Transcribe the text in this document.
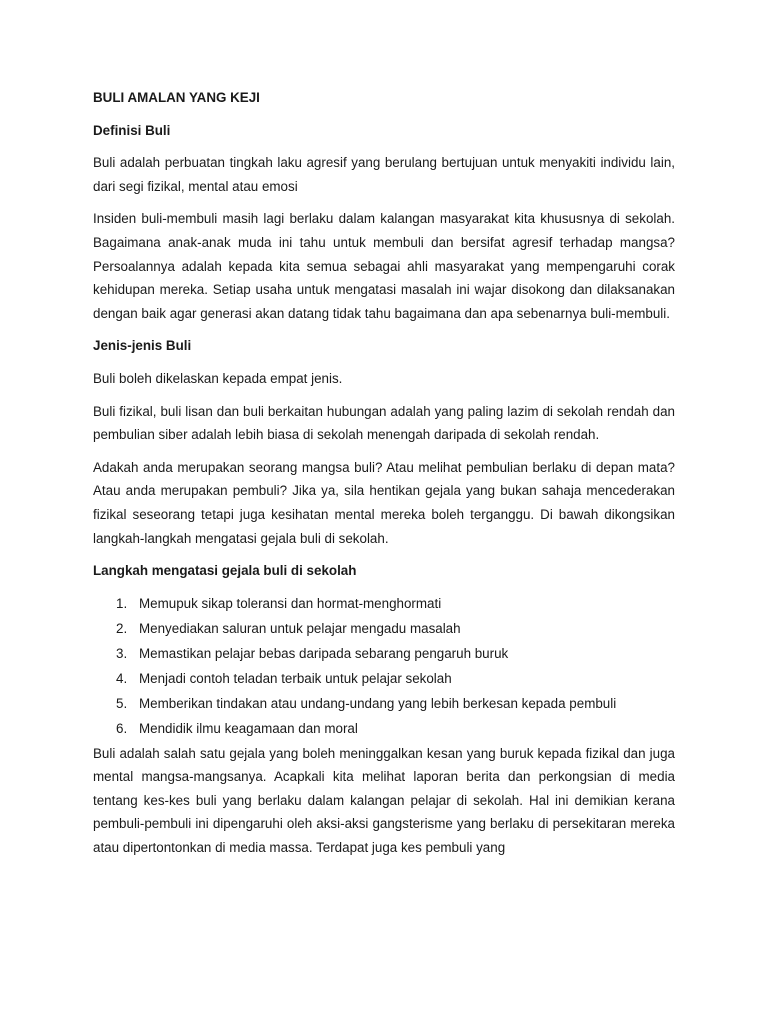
BULI AMALAN YANG KEJI

Definisi Buli

Buli adalah perbuatan tingkah laku agresif yang berulang bertujuan untuk menyakiti individu lain, dari segi fizikal, mental atau emosi

Insiden buli-membuli masih lagi berlaku dalam kalangan masyarakat kita khususnya di sekolah. Bagaimana anak-anak muda ini tahu untuk membuli dan bersifat agresif terhadap mangsa? Persoalannya adalah kepada kita semua sebagai ahli masyarakat yang mempengaruhi corak kehidupan mereka. Setiap usaha untuk mengatasi masalah ini wajar disokong dan dilaksanakan dengan baik agar generasi akan datang tidak tahu bagaimana dan apa sebenarnya buli-membuli.

Jenis-jenis Buli

Buli boleh dikelaskan kepada empat jenis.

Buli fizikal, buli lisan dan buli berkaitan hubungan adalah yang paling lazim di sekolah rendah dan pembulian siber adalah lebih biasa di sekolah menengah daripada di sekolah rendah.

Adakah anda merupakan seorang mangsa buli? Atau melihat pembulian berlaku di depan mata? Atau anda merupakan pembuli? Jika ya, sila hentikan gejala yang bukan sahaja mencederakan fizikal seseorang tetapi juga kesihatan mental mereka boleh terganggu. Di bawah dikongsikan langkah-langkah mengatasi gejala buli di sekolah.

Langkah mengatasi gejala buli di sekolah

1. Memupuk sikap toleransi dan hormat-menghormati
2. Menyediakan saluran untuk pelajar mengadu masalah
3. Memastikan pelajar bebas daripada sebarang pengaruh buruk
4. Menjadi contoh teladan terbaik untuk pelajar sekolah
5. Memberikan tindakan atau undang-undang yang lebih berkesan kepada pembuli
6. Mendidik ilmu keagamaan dan moral

Buli adalah salah satu gejala yang boleh meninggalkan kesan yang buruk kepada fizikal dan juga mental mangsa-mangsanya. Acapkali kita melihat laporan berita dan perkongsian di media tentang kes-kes buli yang berlaku dalam kalangan pelajar di sekolah. Hal ini demikian kerana pembuli-pembuli ini dipengaruhi oleh aksi-aksi gangsterisme yang berlaku di persekitaran mereka atau dipertontonkan di media massa. Terdapat juga kes pembuli yang
